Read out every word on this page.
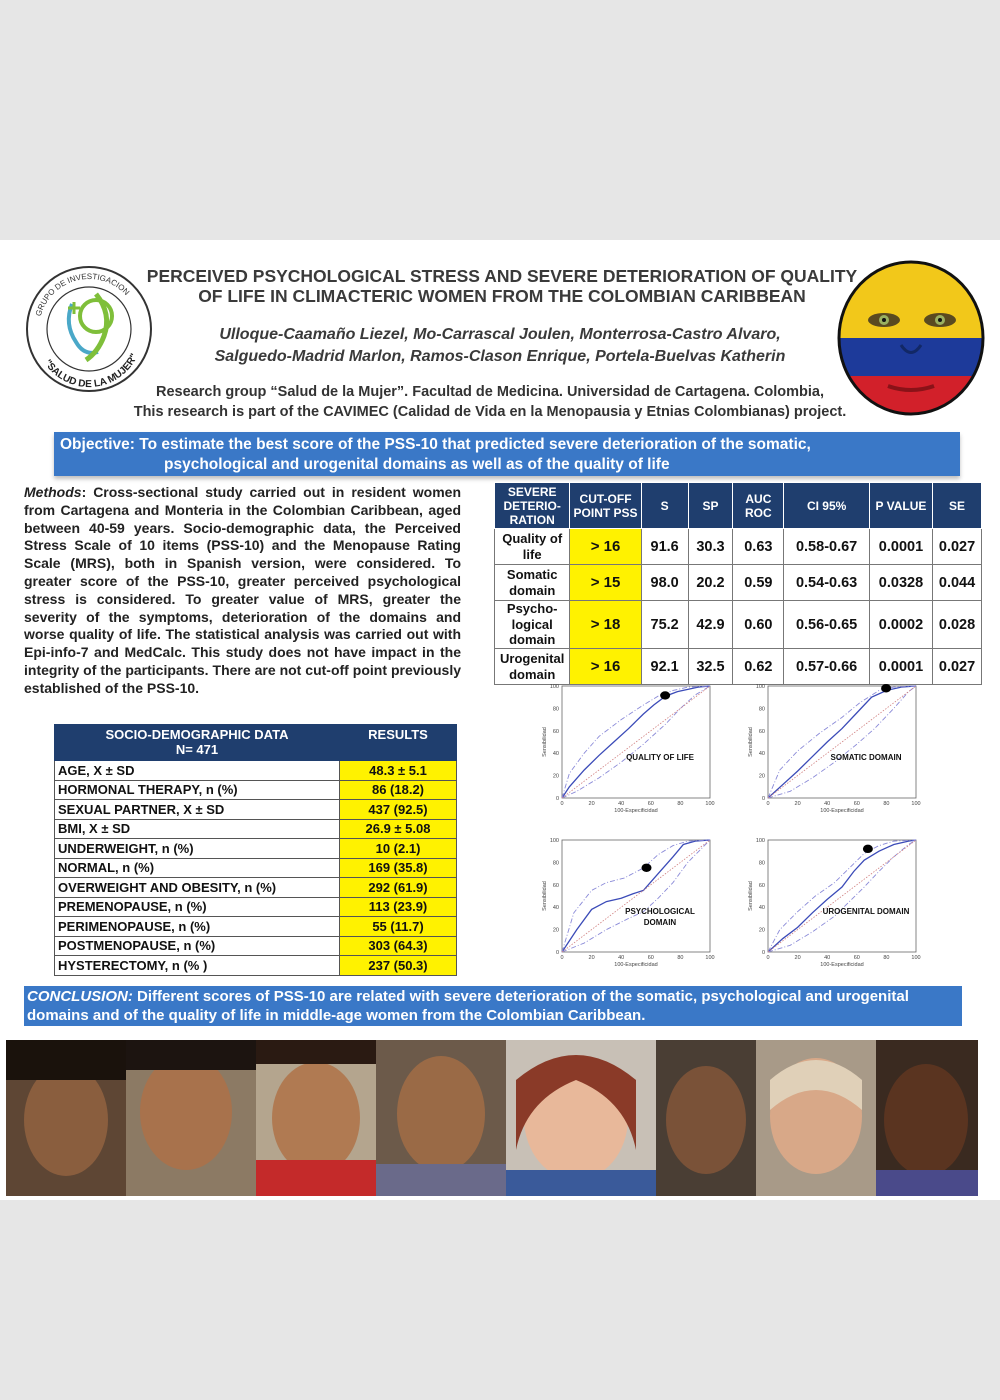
GRUPO DE INVESTIGACION
"SALUD DE LA MUJER"
PERCEIVED PSYCHOLOGICAL STRESS AND SEVERE DETERIORATION OF QUALITY
OF LIFE IN CLIMACTERIC WOMEN FROM THE COLOMBIAN CARIBBEAN
Ulloque-Caamaño Liezel, Mo-Carrascal Joulen, Monterrosa-Castro Alvaro,
Salguedo-Madrid Marlon, Ramos-Clason Enrique, Portela-Buelvas Katherin
Research group “Salud de la Mujer”. Facultad de Medicina. Universidad de Cartagena. Colombia,
This research is part of the CAVIMEC (Calidad de Vida en la Menopausia y Etnias Colombianas) project.
Objective: To estimate the best score of the PSS-10 that predicted severe deterioration of the somatic,
psychological and urogenital domains as well as of the quality of life
Methods: Cross-sectional study carried out in resident women from Cartagena and Monteria in the Colombian Caribbean, aged between 40-59 years. Socio-demographic data, the Perceived Stress Scale of 10 items (PSS-10) and the Menopause Rating Scale (MRS), both in Spanish version, were considered. To greater score of the PSS-10, greater perceived psychological stress is considered. To greater value of MRS, greater the severity of the symptoms, deterioration of the domains and worse quality of life. The statistical analysis was carried out with Epi-info-7 and MedCalc. This study does not have impact in the integrity of the participants. There are not cut-off point previously established of the PSS-10.
SOCIO-DEMOGRAPHIC DATA
N= 471	RESULTS
AGE, X ± SD	48.3 ± 5.1
HORMONAL THERAPY, n (%)	86 (18.2)
SEXUAL PARTNER, X ± SD	437 (92.5)
BMI, X ± SD	26.9 ± 5.08
UNDERWEIGHT, n (%)	10 (2.1)
NORMAL, n (%)	169 (35.8)
OVERWEIGHT AND OBESITY, n (%)	292 (61.9)
PREMENOPAUSE, n (%)	113 (23.9)
PERIMENOPAUSE, n (%)	55 (11.7)
POSTMENOPAUSE, n (%)	303 (64.3)
HYSTERECTOMY, n (% )	237 (50.3)
SEVERE DETERIO-RATION	CUT-OFF POINT PSS	S	SP	AUC ROC	CI 95%	P VALUE	SE
Quality of life	> 16	91.6	30.3	0.63	0.58-0.67	0.0001	0.027
Somatic domain	> 15	98.0	20.2	0.59	0.54-0.63	0.0328	0.044
Psycho-logical domain	> 18	75.2	42.9	0.60	0.56-0.65	0.0002	0.028
Urogenital domain	> 16	92.1	32.5	0.62	0.57-0.66	0.0001	0.027
0	20	40	60	80	100
0
20
40
60
80
100
100-Especificidad
Sensibilidad
QUALITY OF LIFE
0	20	40	60	80	100
0
20
40
60
80
100
100-Especificidad
Sensibilidad
SOMATIC DOMAIN
0	20	40	60	80	100
0
20
40
60
80
100
100-Especificidad
Sensibilidad
PSYCHOLOGICAL DOMAIN
0	20	40	60	80	100
0
20
40
60
80
100
100-Especificidad
Sensibilidad
UROGENITAL DOMAIN
CONCLUSION: Different scores of PSS-10 are related with severe deterioration of the somatic, psychological and urogenital domains and of the quality of life in middle-age women from the Colombian Caribbean.
